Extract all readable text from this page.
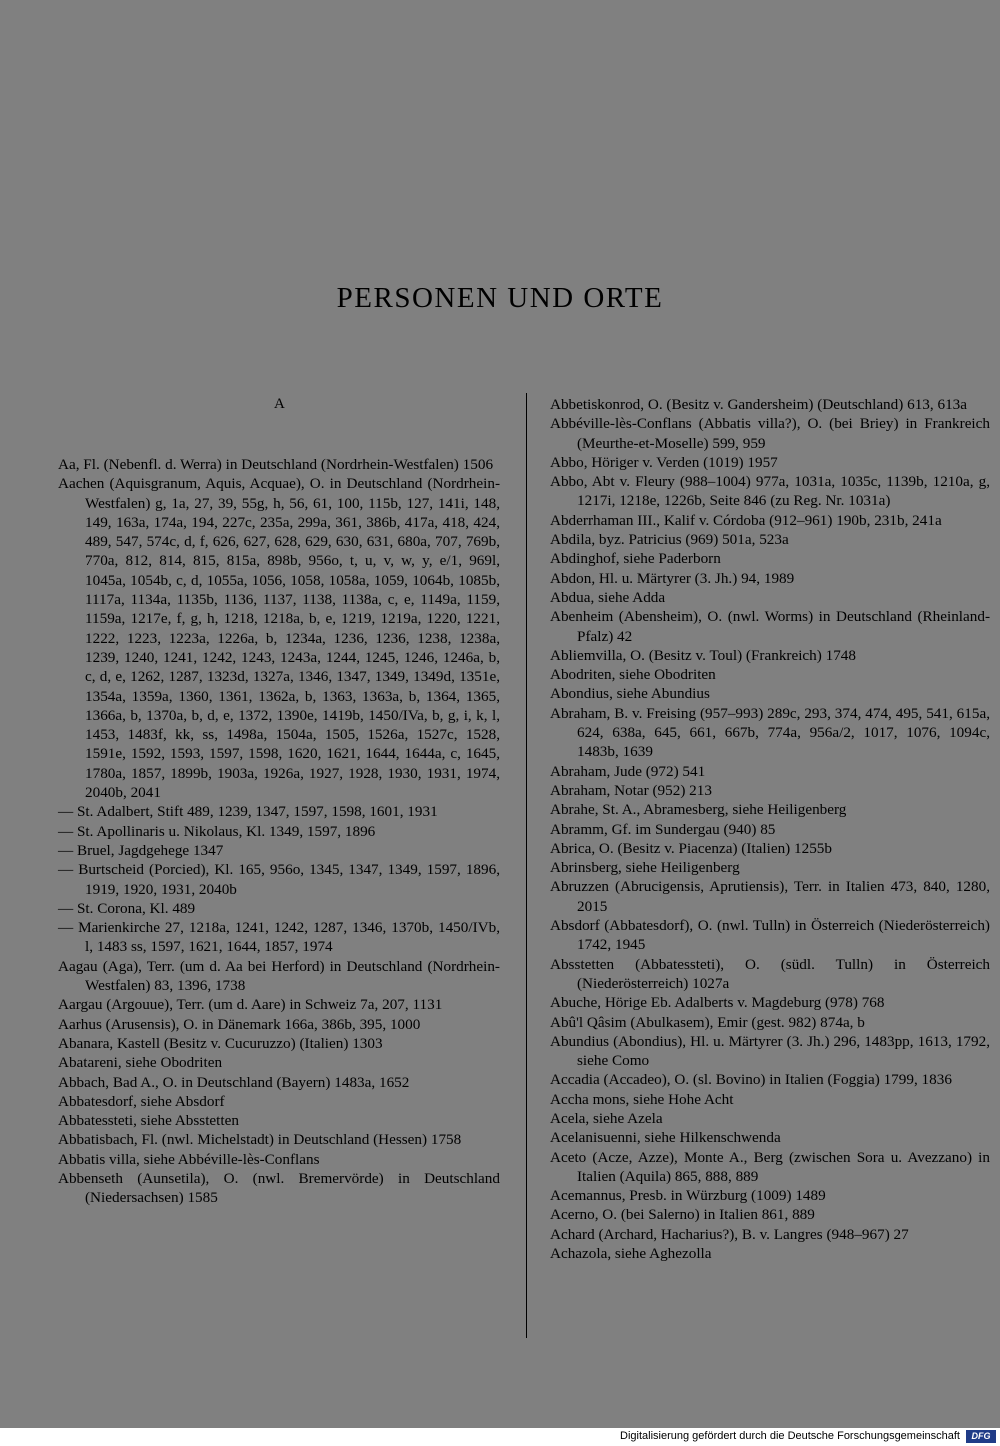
PERSONEN UND ORTE
A

Aa, Fl. (Nebenfl. d. Werra) in Deutschland (Nordrhein-Westfalen) 1506

Aachen (Aquisgranum, Aquis, Acquae), O. in Deutschland (Nordrhein-Westfalen) g, 1a, 27, 39, 55g, h, 56, 61, 100, 115b, 127, 141i, 148, 149, 163a, 174a, 194, 227c, 235a, 299a, 361, 386b, 417a, 418, 424, 489, 547, 574c, d, f, 626, 627, 628, 629, 630, 631, 680a, 707, 769b, 770a, 812, 814, 815, 815a, 898b, 956o, t, u, v, w, y, e/1, 969l, 1045a, 1054b, c, d, 1055a, 1056, 1058, 1058a, 1059, 1064b, 1085b, 1117a, 1134a, 1135b, 1136, 1137, 1138, 1138a, c, e, 1149a, 1159, 1159a, 1217e, f, g, h, 1218, 1218a, b, e, 1219, 1219a, 1220, 1221, 1222, 1223, 1223a, 1226a, b, 1234a, 1236, 1236, 1238, 1238a, 1239, 1240, 1241, 1242, 1243, 1243a, 1244, 1245, 1246, 1246a, b, c, d, e, 1262, 1287, 1323d, 1327a, 1346, 1347, 1349, 1349d, 1351e, 1354a, 1359a, 1360, 1361, 1362a, b, 1363, 1363a, b, 1364, 1365, 1366a, b, 1370a, b, d, e, 1372, 1390e, 1419b, 1450/IVa, b, g, i, k, l, 1453, 1483f, kk, ss, 1498a, 1504a, 1505, 1526a, 1527c, 1528, 1591e, 1592, 1593, 1597, 1598, 1620, 1621, 1644, 1644a, c, 1645, 1780a, 1857, 1899b, 1903a, 1926a, 1927, 1928, 1930, 1931, 1974, 2040b, 2041

— St. Adalbert, Stift 489, 1239, 1347, 1597, 1598, 1601, 1931

— St. Apollinaris u. Nikolaus, Kl. 1349, 1597, 1896

— Bruel, Jagdgehege 1347

— Burtscheid (Porcied), Kl. 165, 956o, 1345, 1347, 1349, 1597, 1896, 1919, 1920, 1931, 2040b

— St. Corona, Kl. 489

— Marienkirche 27, 1218a, 1241, 1242, 1287, 1346, 1370b, 1450/IVb, l, 1483 ss, 1597, 1621, 1644, 1857, 1974

Aagau (Aga), Terr. (um d. Aa bei Herford) in Deutschland (Nordrhein-Westfalen) 83, 1396, 1738

Aargau (Argouue), Terr. (um d. Aare) in Schweiz 7a, 207, 1131

Aarhus (Arusensis), O. in Dänemark 166a, 386b, 395, 1000

Abanara, Kastell (Besitz v. Cucuruzzo) (Italien) 1303

Abatareni, siehe Obodriten

Abbach, Bad A., O. in Deutschland (Bayern) 1483a, 1652

Abbatesdorf, siehe Absdorf

Abbatessteti, siehe Absstetten

Abbatisbach, Fl. (nwl. Michelstadt) in Deutschland (Hessen) 1758

Abbatis villa, siehe Abbéville-lès-Conflans

Abbenseth (Aunsetila), O. (nwl. Bremervörde) in Deutschland (Niedersachsen) 1585

Abbetiskonrod, O. (Besitz v. Gandersheim) (Deutschland) 613, 613a

Abbéville-lès-Conflans (Abbatis villa?), O. (bei Briey) in Frankreich (Meurthe-et-Moselle) 599, 959

Abbo, Höriger v. Verden (1019) 1957

Abbo, Abt v. Fleury (988–1004) 977a, 1031a, 1035c, 1139b, 1210a, g, 1217i, 1218e, 1226b, Seite 846 (zu Reg. Nr. 1031a)

Abderrhaman III., Kalif v. Córdoba (912–961) 190b, 231b, 241a

Abdila, byz. Patricius (969) 501a, 523a

Abdinghof, siehe Paderborn

Abdon, Hl. u. Märtyrer (3. Jh.) 94, 1989

Abdua, siehe Adda

Abenheim (Abensheim), O. (nwl. Worms) in Deutschland (Rheinland-Pfalz) 42

Abliemvilla, O. (Besitz v. Toul) (Frankreich) 1748

Abodriten, siehe Obodriten

Abondius, siehe Abundius

Abraham, B. v. Freising (957–993) 289c, 293, 374, 474, 495, 541, 615a, 624, 638a, 645, 661, 667b, 774a, 956a/2, 1017, 1076, 1094c, 1483b, 1639

Abraham, Jude (972) 541

Abraham, Notar (952) 213

Abrahe, St. A., Abramesberg, siehe Heiligenberg

Abramm, Gf. im Sundergau (940) 85

Abrica, O. (Besitz v. Piacenza) (Italien) 1255b

Abrinsberg, siehe Heiligenberg

Abruzzen (Abrucigensis, Aprutiensis), Terr. in Italien 473, 840, 1280, 2015

Absdorf (Abbatesdorf), O. (nwl. Tulln) in Österreich (Niederösterreich) 1742, 1945

Absstetten (Abbatessteti), O. (südl. Tulln) in Österreich (Niederösterreich) 1027a

Abuche, Hörige Eb. Adalberts v. Magdeburg (978) 768

Abû'l Qâsim (Abulkasem), Emir (gest. 982) 874a, b

Abundius (Abondius), Hl. u. Märtyrer (3. Jh.) 296, 1483pp, 1613, 1792, siehe Como

Accadia (Accadeo), O. (sl. Bovino) in Italien (Foggia) 1799, 1836

Accha mons, siehe Hohe Acht

Acela, siehe Azela

Acelanisuenni, siehe Hilkenschwenda

Aceto (Acze, Azze), Monte A., Berg (zwischen Sora u. Avezzano) in Italien (Aquila) 865, 888, 889

Acemannus, Presb. in Würzburg (1009) 1489

Acerno, O. (bei Salerno) in Italien 861, 889

Achard (Archard, Hacharius?), B. v. Langres (948–967) 27

Achazola, siehe Aghezolla

Digitalisierung gefördert durch die Deutsche Forschungsgemeinschaft	DFG
